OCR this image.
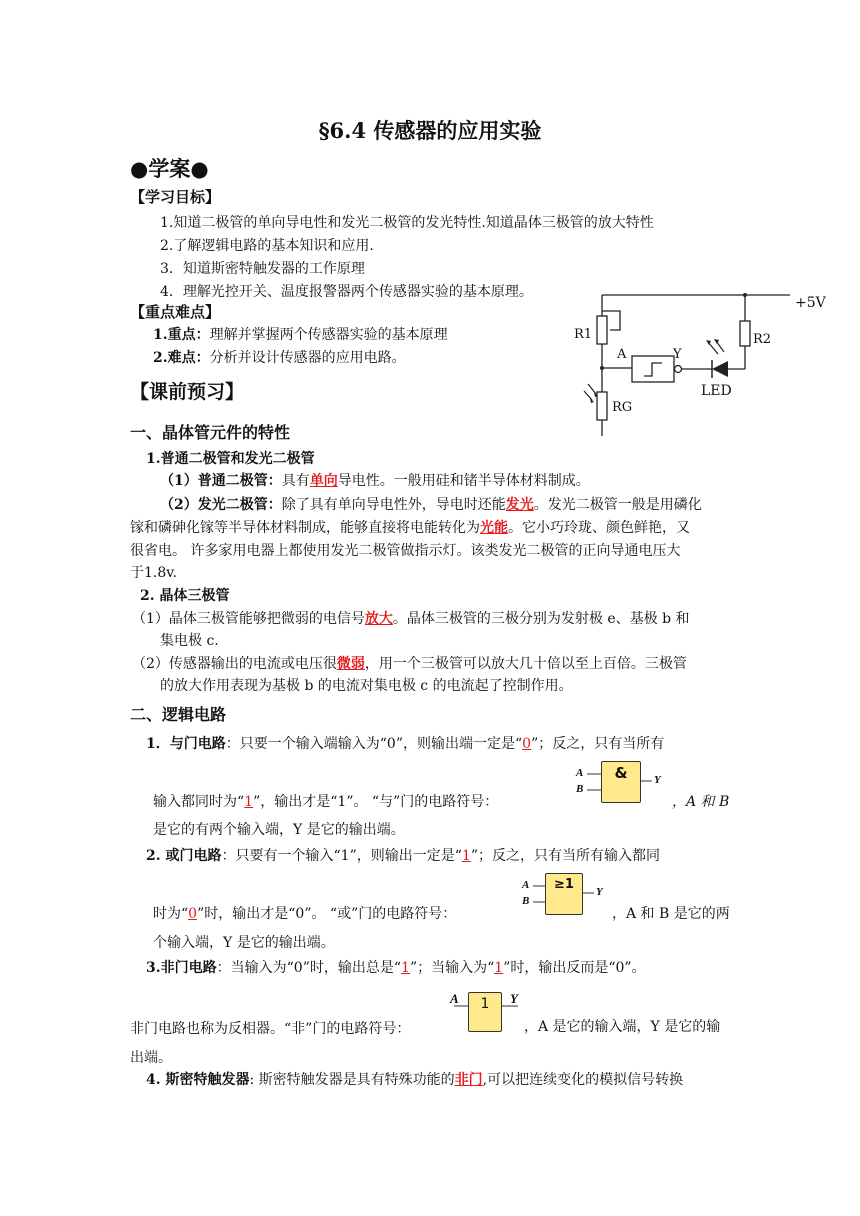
§6.4 传感器的应用实验
●学案●
【学习目标】
1.知道二极管的单向导电性和发光二极管的发光特性.知道晶体三极管的放大特性
2.了解逻辑电路的基本知识和应用.
3．知道斯密特触发器的工作原理
4．理解光控开关、温度报警器两个传感器实验的基本原理。
【重点难点】
1.重点：理解并掌握两个传感器实验的基本原理
2.难点：分析并设计传感器的应用电路。
R1	R2
RG
A	Y
LED
+5V
【课前预习】
一、晶体管元件的特性
1.普通二极管和发光二极管
（1）普通二极管：具有单向导电性。一般用硅和锗半导体材料制成。
（2）发光二极管：除了具有单向导电性外，导电时还能发光。发光二极管一般是用磷化
镓和磷砷化镓等半导体材料制成，能够直接将电能转化为光能。它小巧玲珑、颜色鲜艳，又
很省电。 许多家用电器上都使用发光二极管做指示灯。该类发光二极管的正向导通电压大
于1.8v.
2. 晶体三极管
（1）晶体三极管能够把微弱的电信号放大。晶体三极管的三极分别为发射极 e、基极 b 和
集电极 c.
（2）传感器输出的电流或电压很微弱，用一个三极管可以放大几十倍以至上百倍。三极管
的放大作用表现为基极 b 的电流对集电极 c 的电流起了控制作用。
二、逻辑电路
1．与门电路：只要一个输入端输入为“0”，则输出端一定是“0”；反之，只有当所有
A
B
&	Y
输入都同时为“1”，输出才是“1”。 “与”门的电路符号：	，A 和 B
是它的有两个输入端，Y 是它的输出端。
2. 或门电路：只要有一个输入“1”，则输出一定是“1”；反之，只有当所有输入都同
A
B
≥1	Y
时为“0”时，输出才是“0”。 “或”门的电路符号：	，A 和 B 是它的两
个输入端，Y 是它的输出端。
3.非门电路：当输入为“0”时，输出总是“1”；当输入为“1”时，输出反而是“0”。
A	1	Y
非门电路也称为反相器。“非”门的电路符号：	，A 是它的输入端，Y 是它的输
出端。
4. 斯密特触发器: 斯密特触发器是具有特殊功能的非门,可以把连续变化的模拟信号转换
